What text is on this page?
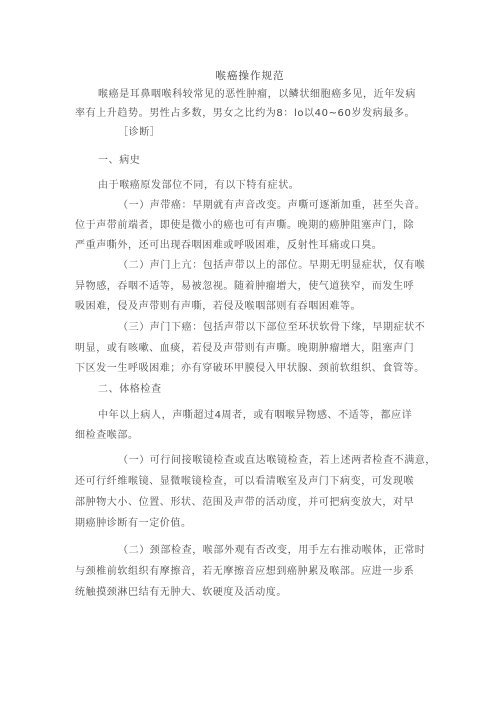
喉癌操作规范
喉癌是耳鼻咽喉科较常见的恶性肿瘤，以鳞状细胞癌多见，近年发病
率有上升趋势。男性占多数，男女之比约为8：lo以40~60岁发病最多。
［诊断］
一、病史
由于喉癌原发部位不同，有以下特有症状。
（一）声带癌：早期就有声音改变。声嘶可逐渐加重，甚至失音。
位于声带前端者，即使是微小的癌也可有声嘶。晚期的癌肿阻塞声门，除
严重声嘶外，还可出现吞咽困难或呼吸困难，反射性耳痛或口臭。
（二）声门上亢：包括声带以上的部位。早期无明显症状，仅有喉
异物感，吞咽不适等，易被忽视。随着肿瘤增大，使气道狭窄，而发生呼
吸困难，侵及声带则有声嘶，若侵及喉咽部则有吞咽困难等。
（三）声门下癌：包括声带以下部位至环状软骨下缘，早期症状不
明显，或有咳嗽、血痰，若侵及声带则有声嘶。晚期肿瘤增大，阻塞声门
下区发一生呼吸困难；亦有穿破环甲膜侵入甲状腺、颈前软组织、食管等。
二、体格检查
中年以上病人，声嘶超过4周者，或有咽喉异物感、不适等，都应详
细检查喉部。
（一）可行间接喉镜检查或直达喉镜检查，若上述两者检查不满意，
还可行纤维喉镜、显微喉镜检查，可以看清喉室及声门下病变，可发现喉
部肿物大小、位置、形状、范围及声带的活动度，并可把病变放大，对早
期癌肿诊断有一定价值。
（二）颈部检查，喉部外观有否改变，用手左右推动喉体，正常时
与颈椎前软组织有摩擦音，若无摩擦音应想到癌肿累及喉部。应进一步系
统触摸颈淋巴结有无肿大、软硬度及活动度。
